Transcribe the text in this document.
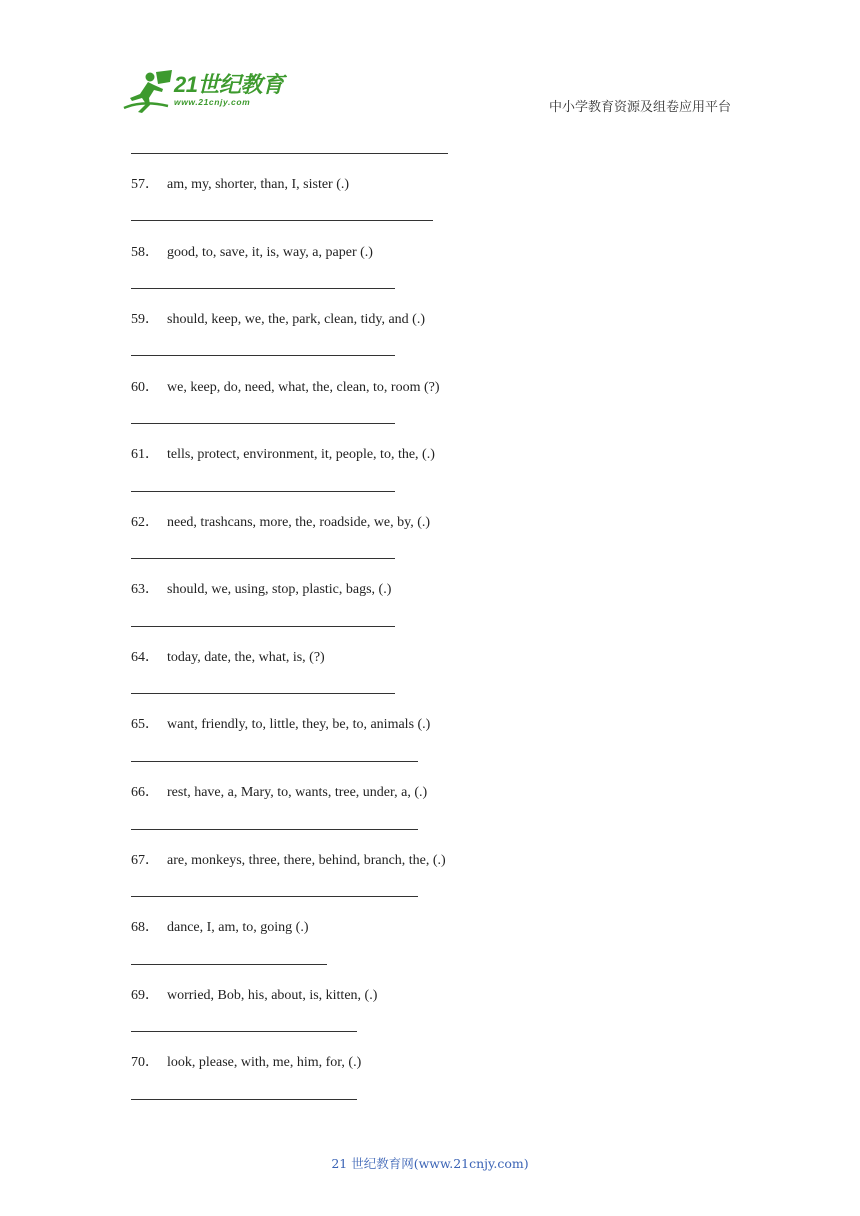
21世纪教育
www.21cnjy.com	中小学教育资源及组卷应用平台
57． am, my, shorter, than, I, sister (.)
58． good, to, save, it, is, way, a, paper (.)
59． should, keep, we, the, park, clean, tidy, and (.)
60． we, keep, do, need, what, the, clean, to, room (?)
61． tells, protect, environment, it, people, to, the, (.)
62． need, trashcans, more, the, roadside, we, by, (.)
63． should, we, using, stop, plastic, bags, (.)
64． today, date, the, what, is, (?)
65． want, friendly, to, little, they, be, to, animals (.)
66． rest, have, a, Mary, to, wants, tree, under, a, (.)
67． are, monkeys, three, there, behind, branch, the, (.)
68． dance, I, am, to, going (.)
69． worried, Bob, his, about, is, kitten, (.)
70． look, please, with, me, him, for, (.)
21 世纪教育网(www.21cnjy.com)
